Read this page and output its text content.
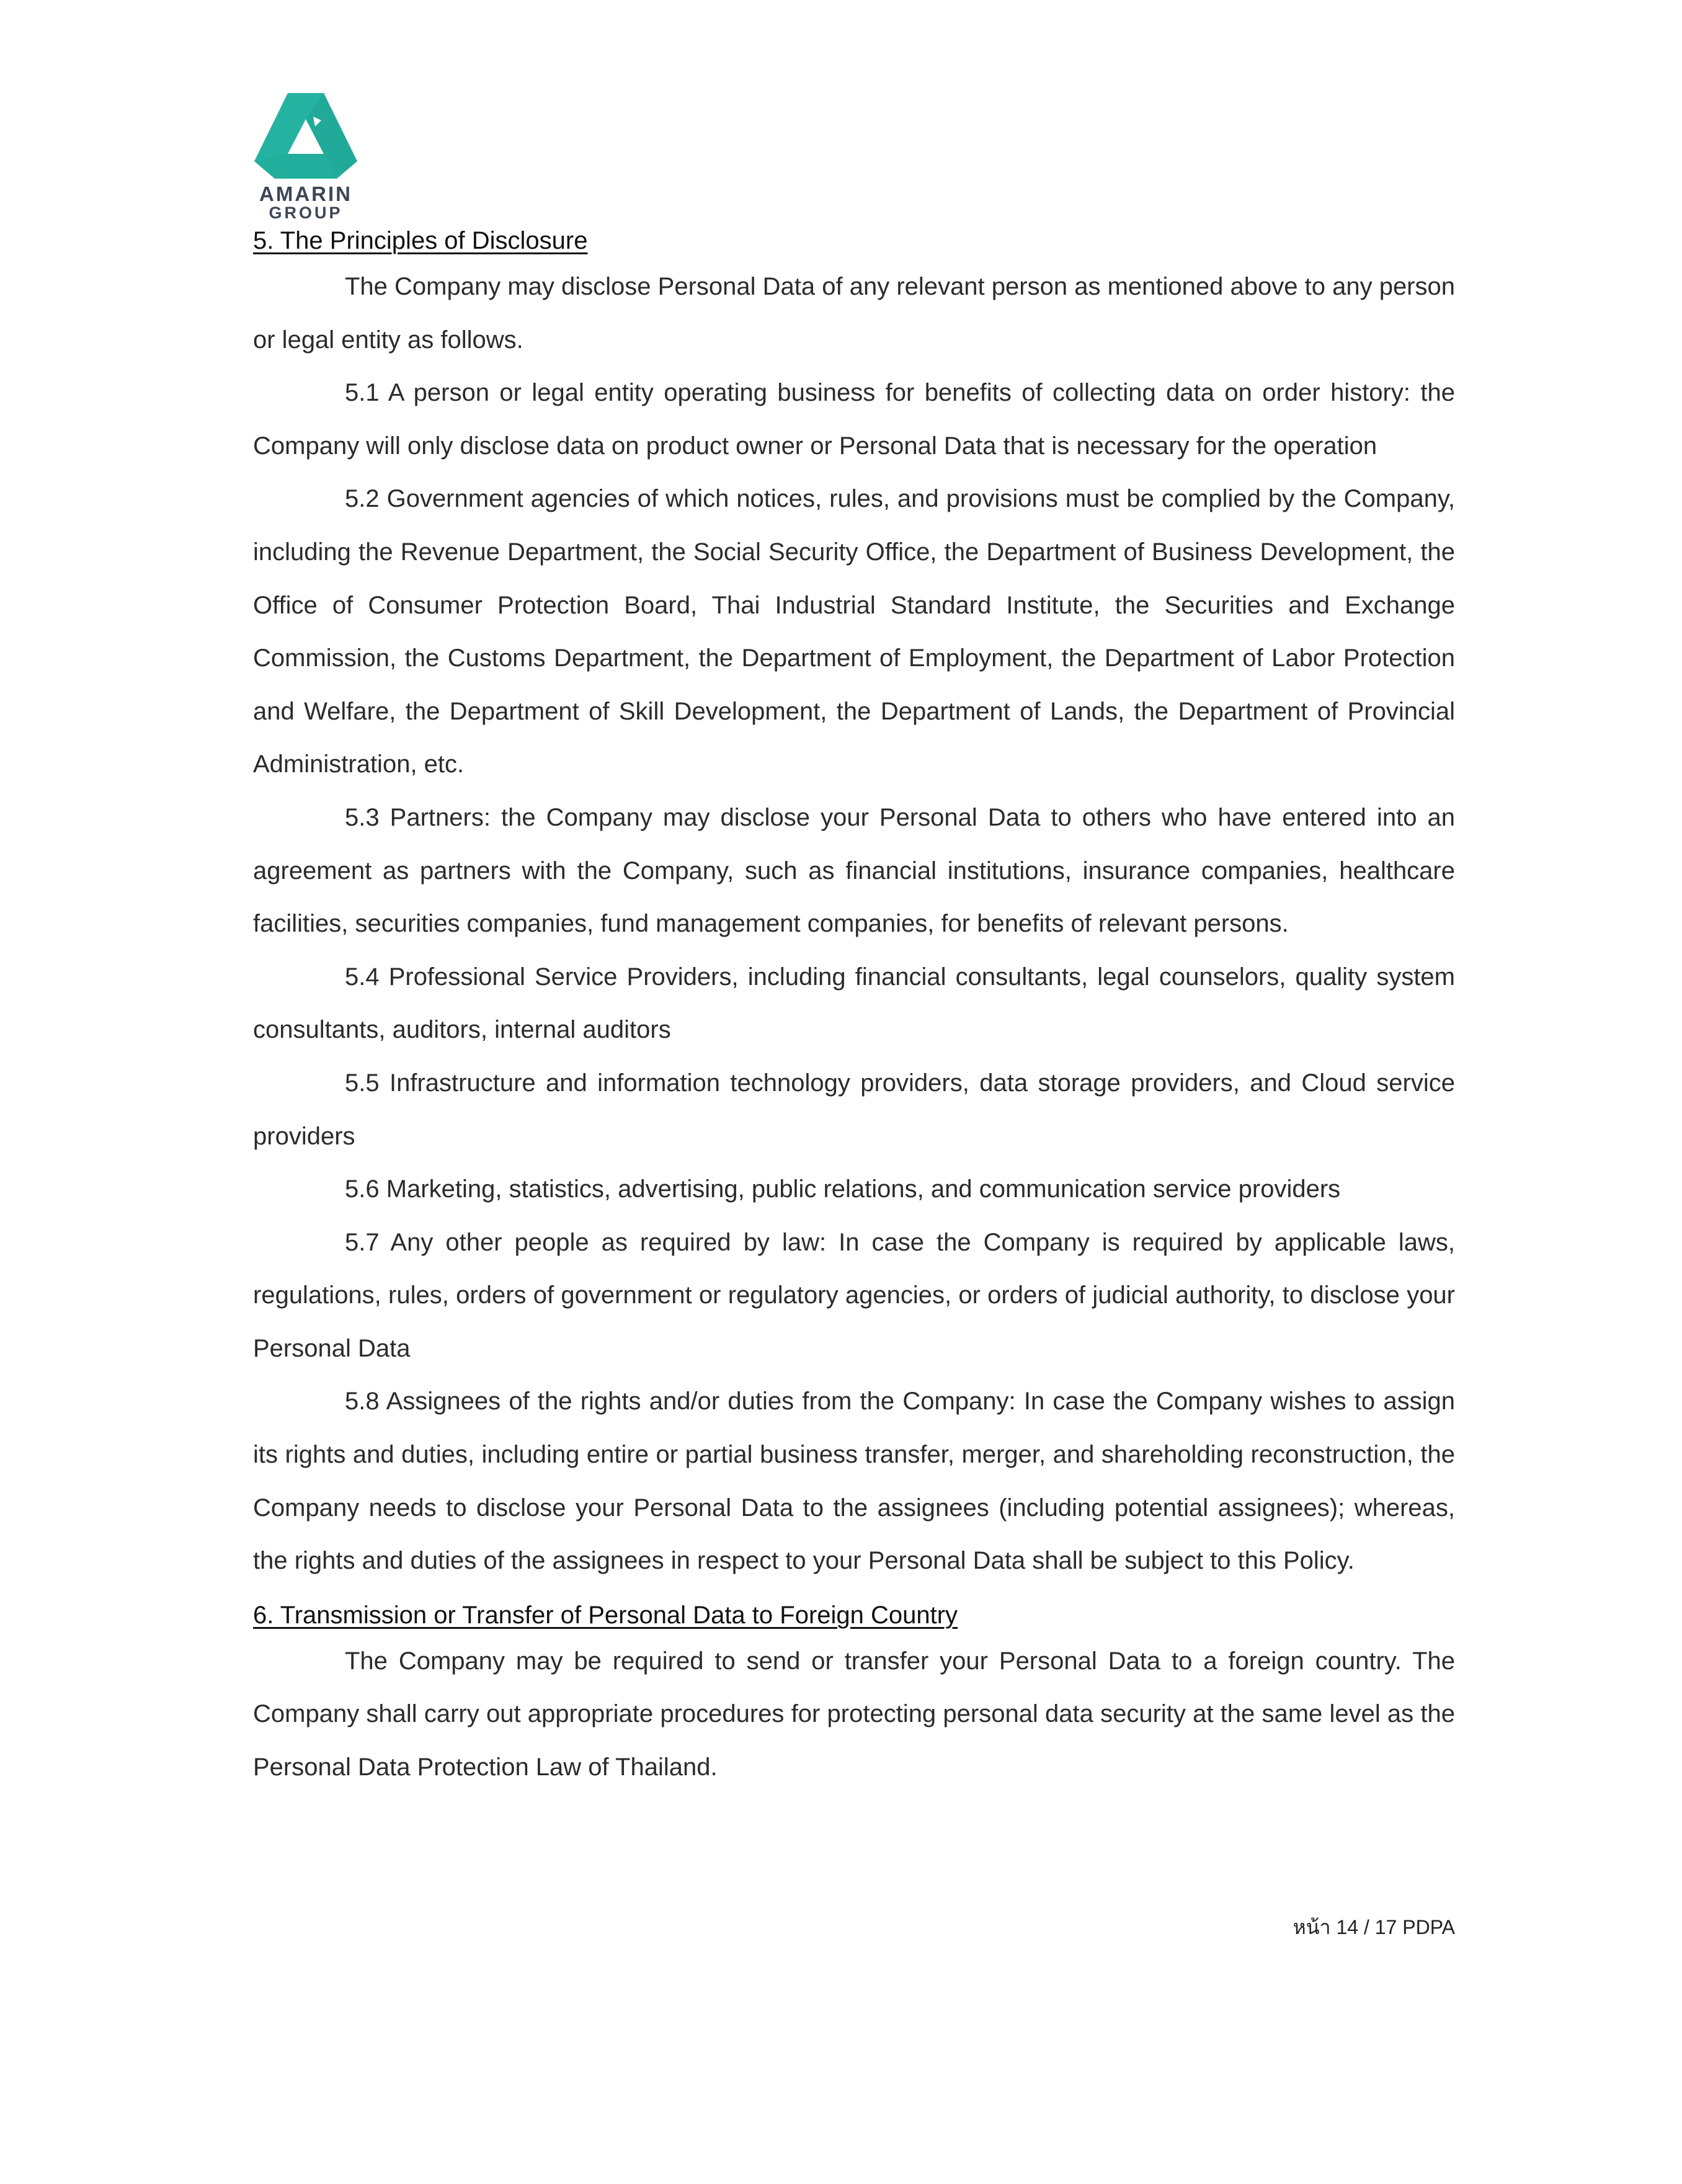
AMARIN
GROUP
5. The Principles of Disclosure

The Company may disclose Personal Data of any relevant person as mentioned above to any person or legal entity as follows.

5.1 A person or legal entity operating business for benefits of collecting data on order history: the Company will only disclose data on product owner or Personal Data that is necessary for the operation

5.2 Government agencies of which notices, rules, and provisions must be complied by the Company, including the Revenue Department, the Social Security Office, the Department of Business Development, the Office of Consumer Protection Board, Thai Industrial Standard Institute, the Securities and Exchange Commission, the Customs Department, the Department of Employment, the Department of Labor Protection and Welfare, the Department of Skill Development, the Department of Lands, the Department of Provincial Administration, etc.

5.3 Partners: the Company may disclose your Personal Data to others who have entered into an agreement as partners with the Company, such as financial institutions, insurance companies, healthcare facilities, securities companies, fund management companies, for benefits of relevant persons.

5.4 Professional Service Providers, including financial consultants, legal counselors, quality system consultants, auditors, internal auditors

5.5 Infrastructure and information technology providers, data storage providers, and Cloud service providers

5.6 Marketing, statistics, advertising, public relations, and communication service providers

5.7 Any other people as required by law: In case the Company is required by applicable laws, regulations, rules, orders of government or regulatory agencies, or orders of judicial authority, to disclose your Personal Data

5.8 Assignees of the rights and/or duties from the Company: In case the Company wishes to assign its rights and duties, including entire or partial business transfer, merger, and shareholding reconstruction, the Company needs to disclose your Personal Data to the assignees (including potential assignees); whereas, the rights and duties of the assignees in respect to your Personal Data shall be subject to this Policy.

6. Transmission or Transfer of Personal Data to Foreign Country

The Company may be required to send or transfer your Personal Data to a foreign country. The Company shall carry out appropriate procedures for protecting personal data security at the same level as the Personal Data Protection Law of Thailand.

หน้า 14 / 17 PDPA
